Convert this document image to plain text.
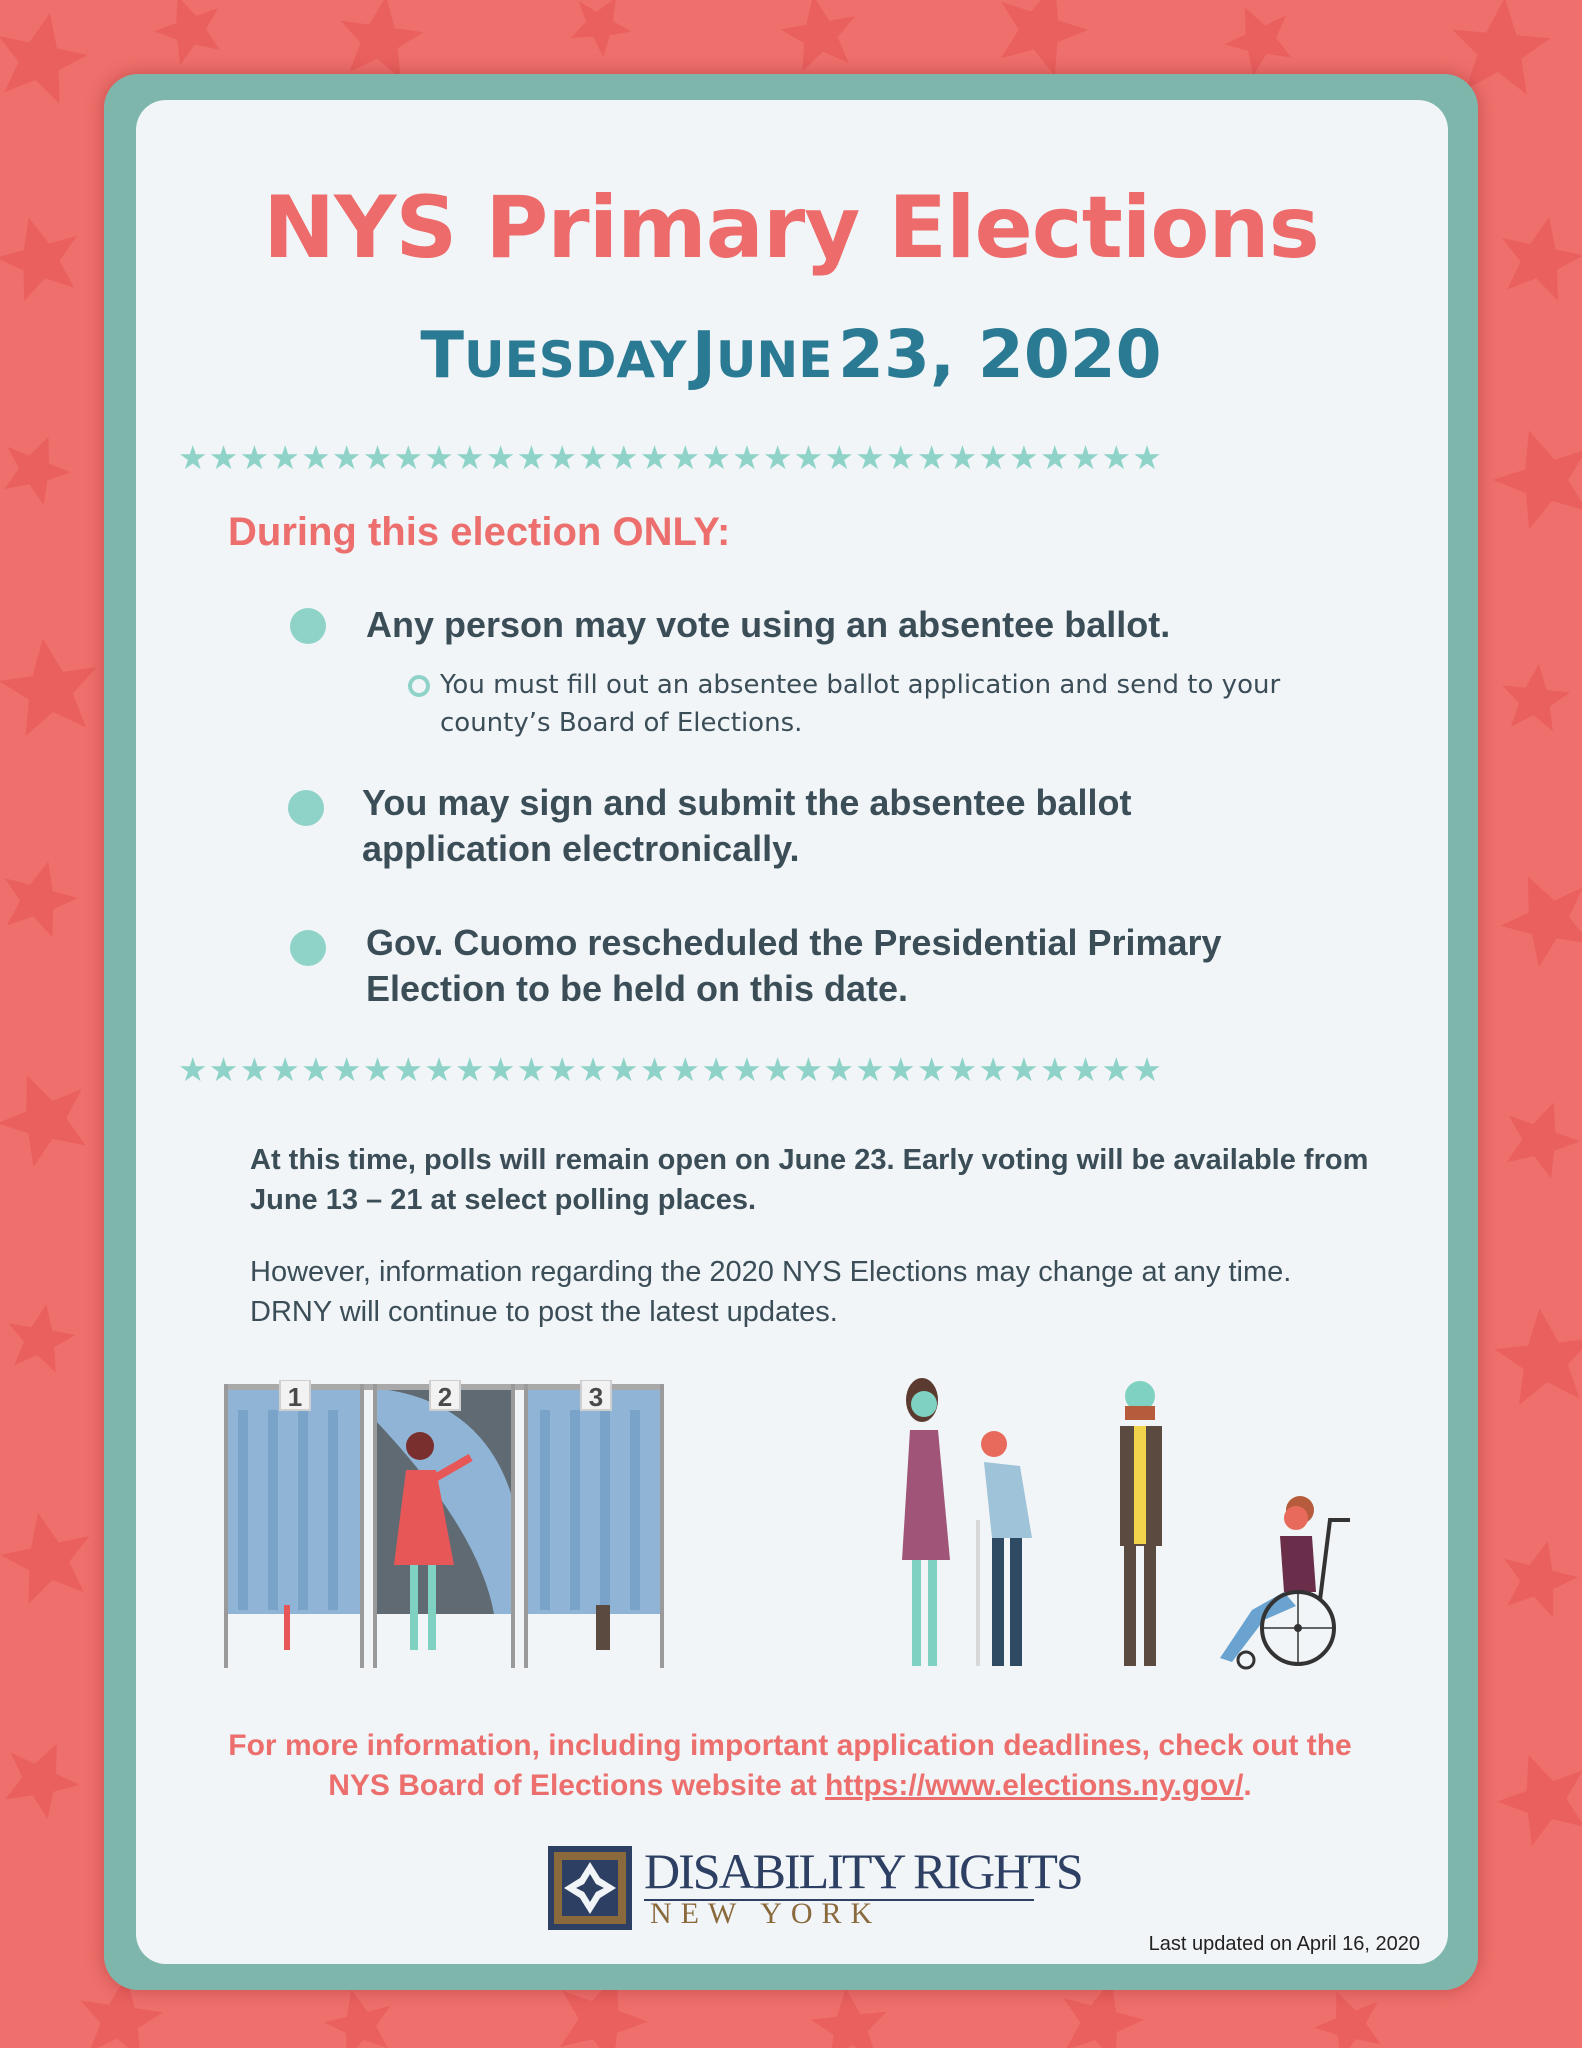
NYS Primary Elections
TUESDAY JUNE 23, 2020
★★★★★★★★★★★★★★★★★★★★★★★★★★★★★★★★
During this election ONLY:
Any person may vote using an absentee ballot.
You must fill out an absentee ballot application and send to your county’s Board of Elections.
You may sign and submit the absentee ballot application electronically.
Gov. Cuomo rescheduled the Presidential Primary Election to be held on this date.
★★★★★★★★★★★★★★★★★★★★★★★★★★★★★★★★
At this time, polls will remain open on June 23. Early voting will be available from June 13 – 21 at select polling places.
However, information regarding the 2020 NYS Elections may change at any time. DRNY will continue to post the latest updates.
1	2	3
For more information, including important application deadlines, check out the NYS Board of Elections website at https://www.elections.ny.gov/.
DISABILITY RIGHTS
NEW YORK
Last updated on April 16, 2020
